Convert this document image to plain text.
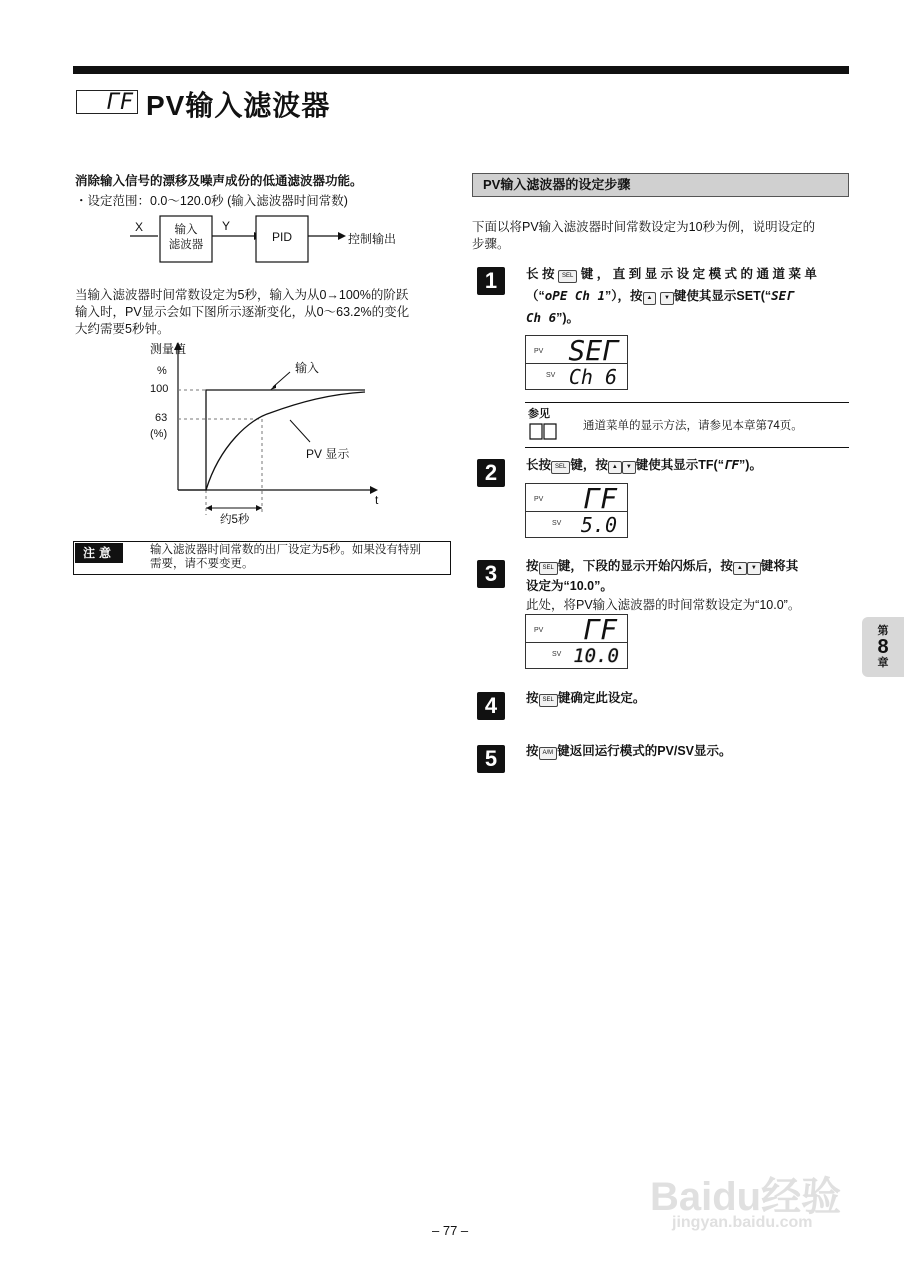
ΓF PV输入滤波器
消除输入信号的漂移及噪声成份的低通滤波器功能。
・设定范围：0.0～120.0秒 (输入滤波器时间常数)
X	输入
滤波器
Y
PID	控制输出
当输入滤波器时间常数设定为5秒，输入为从0→100%的阶跃
输入时，PV显示会如下图所示逐渐变化，从0～63.2%的变化
大约需要5秒钟。
测量值
%
100
63
(%)
输入
PV 显示
t
约5秒
注意	输入滤波器时间常数的出厂设定为5秒。如果没有特别
需要，请不要变更。
PV输入滤波器的设定步骤
下面以将PV输入滤波器时间常数设定为10秒为例，说明设定的
步骤。
1	长 按 SEL 键 ， 直 到 显 示 设 定 模 式 的 通 道 菜 单
（“oPE Ch 1”），按 ▲ ▼ 键使其显示SET(“SEΓ
Ch 6”)。
PV
SV
SEΓ
Ch 6
参见
通道菜单的显示方法，请参见本章第74页。
2	长按 SEL 键，按 ▲ ▼ 键使其显示TF(“ΓF”)。
PV
SV
ΓF
5.0
3	按 SEL 键，下段的显示开始闪烁后，按 ▲ ▼ 键将其
设定为“10.0”。
此处，将PV输入滤波器的时间常数设定为“10.0”。
PV
SV
ΓF
10.0
4	按 SEL 键确定此设定。
5	按 A/M 键返回运行模式的PV/SV显示。
第
8
章
Baidu经验
jingyan.baidu.com
– 77 –
